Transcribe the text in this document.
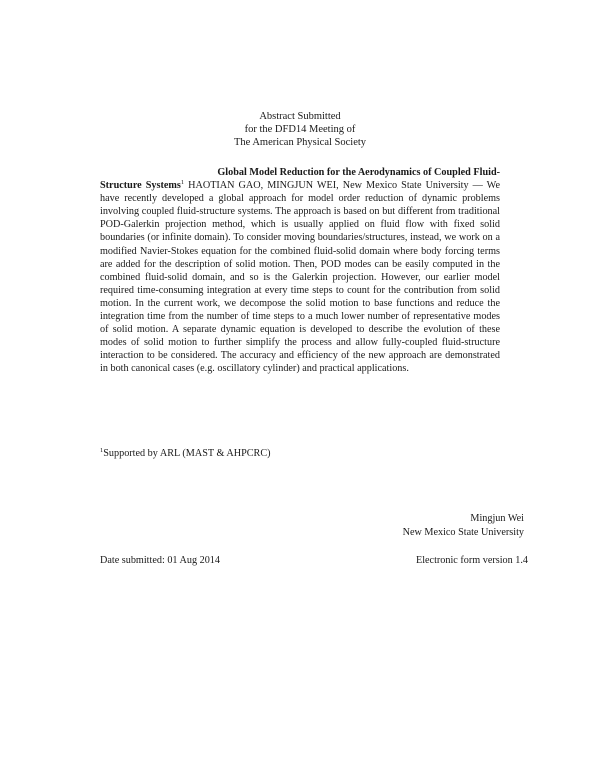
Abstract Submitted
for the DFD14 Meeting of
The American Physical Society
Global Model Reduction for the Aerodynamics of Coupled Fluid-
Structure Systems$^1$ HAOTIAN GAO, MINGJUN WEI, New Mexico State University — We have recently developed a global approach for model order reduction of dynamic problems involving coupled fluid-structure systems. The approach is based on but different from traditional POD-Galerkin projection method, which is usually applied on fluid flow with fixed solid boundaries (or infinite domain). To consider moving boundaries/structures, instead, we work on a modified Navier-Stokes equation for the combined fluid-solid domain where body forcing terms are added for the description of solid motion. Then, POD modes can be easily computed in the combined fluid-solid domain, and so is the Galerkin projection. However, our earlier model required time-consuming integration at every time steps to count for the contribution from solid motion. In the current work, we decompose the solid motion to base functions and reduce the integration time from the number of time steps to a much lower number of representative modes of solid motion. A separate dynamic equation is developed to describe the evolution of these modes of solid motion to further simplify the process and allow fully-coupled fluid-structure interaction to be considered. The accuracy and efficiency of the new approach are demonstrated in both canonical cases (e.g. oscillatory cylinder) and practical applications.
$^1$Supported by ARL (MAST & AHPCRC)
Mingjun Wei
New Mexico State University
Date submitted: 01 Aug 2014	Electronic form version 1.4
